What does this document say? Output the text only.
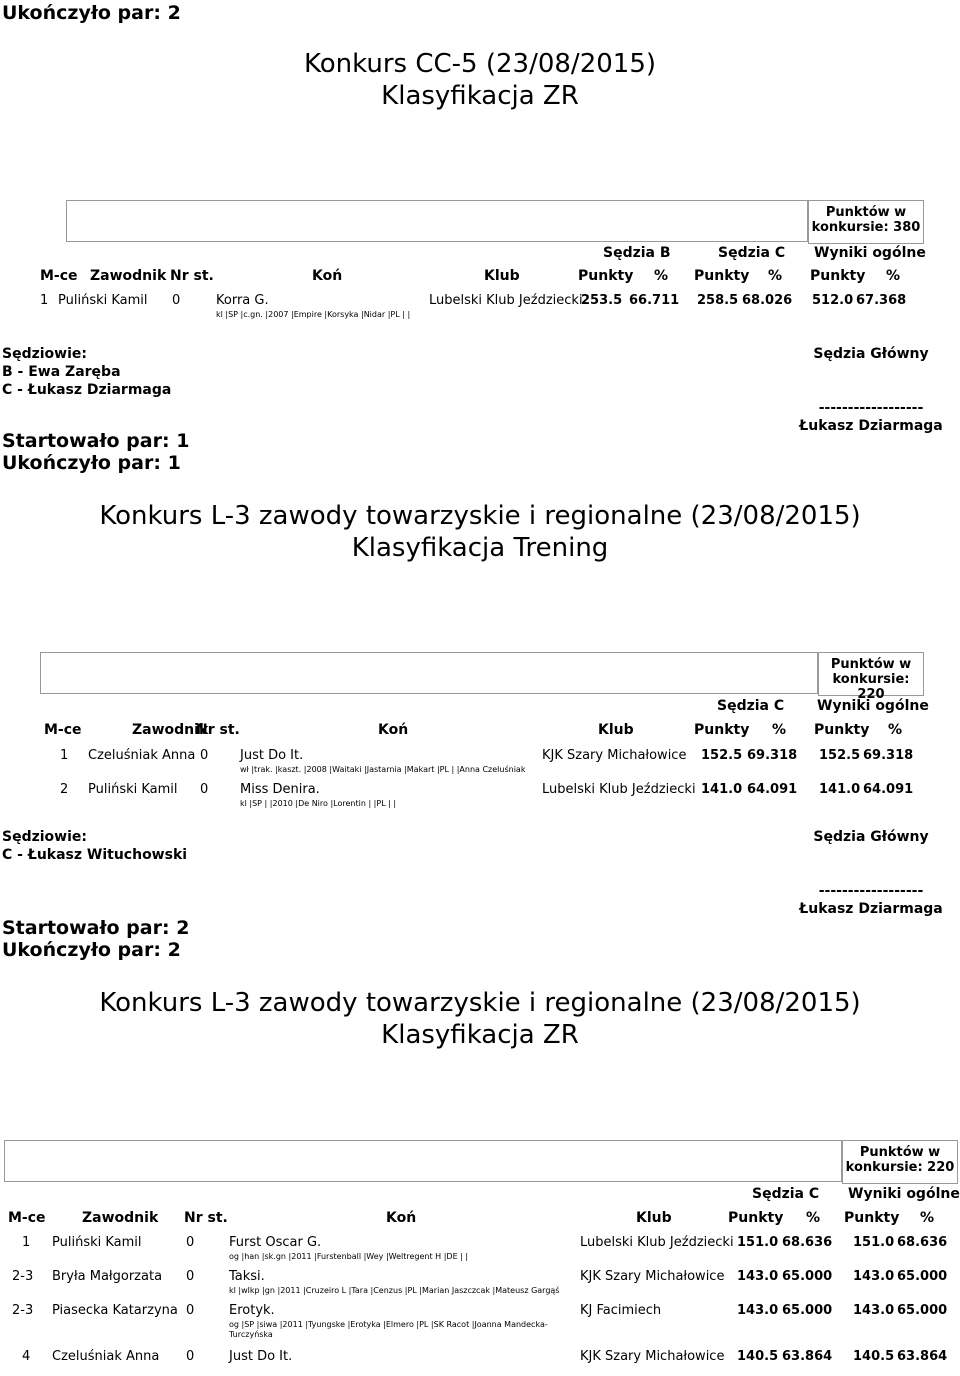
Ukończyło par: 2
Konkurs CC-5 (23/08/2015)
Klasyfikacja ZR
Punktów w konkursie: 380
Sędzia B	Sędzia C Wyniki ogólne
M-ce Zawodnik Nr st.	Koń	Klub	Punkty % Punkty % Punkty %
1 Puliński Kamil 0	Korra G.
kl |SP |c.gn. |2007 |Empire |Korsyka |Nidar |PL | |
Lubelski Klub Jeździecki
253.5 66.711 258.5 68.026 512.0 67.368
Sędziowie:
B - Ewa Zaręba
C - Łukasz Dziarmaga
Startowało par: 1
Ukończyło par: 1
Sędzia Główny
------------------
Łukasz Dziarmaga
Konkurs L-3 zawody towarzyskie i regionalne (23/08/2015)
Klasyfikacja Trening
Punktów w konkursie: 220
Sędzia C Wyniki ogólne
M-ce	Zawodnik
Nr st.	Koń	Klub	Punkty % Punkty %
1 Czeluśniak Anna 0 Just Do It.
wł |trak. |kaszt. |2008 |Waitaki |Jastarnia |Makart |PL | |Anna Czeluśniak
KJK Szary Michałowice 152.5 69.318 152.5 69.318
2 Puliński Kamil 0 Miss Denira.
kl |SP | |2010 |De Niro |Lorentin | |PL | |
Lubelski Klub Jeździecki 141.0 64.091 141.0 64.091
Sędziowie:
C - Łukasz Wituchowski
Startowało par: 2
Ukończyło par: 2
Sędzia Główny
------------------
Łukasz Dziarmaga
Konkurs L-3 zawody towarzyskie i regionalne (23/08/2015)
Klasyfikacja ZR
Punktów w konkursie: 220
Sędzia C Wyniki ogólne
M-ce	Zawodnik Nr st.	Koń	Klub	Punkty % Punkty %
1 Puliński Kamil	0	Furst Oscar G.
og |han |sk.gn |2011 |Furstenball |Wey |Weltregent H |DE | |
Lubelski Klub Jeździecki 151.0 68.636 151.0 68.636
2-3 Bryła Małgorzata 0	Taksi.
kl |wlkp |gn |2011 |Cruzeiro L |Tara |Cenzus |PL |Marian Jaszczcak |Mateusz Gargąś
KJK Szary Michałowice 143.0 65.000 143.0 65.000
2-3 Piasecka Katarzyna 0	Erotyk.
og |SP |siwa |2011 |Tyungske |Erotyka |Elmero |PL |SK Racot |Joanna Mandecka-Turczyńska
KJ Facimiech	143.0 65.000 143.0 65.000
4 Czeluśniak Anna 0	Just Do It.	KJK Szary Michałowice 140.5 63.864 140.5 63.864
